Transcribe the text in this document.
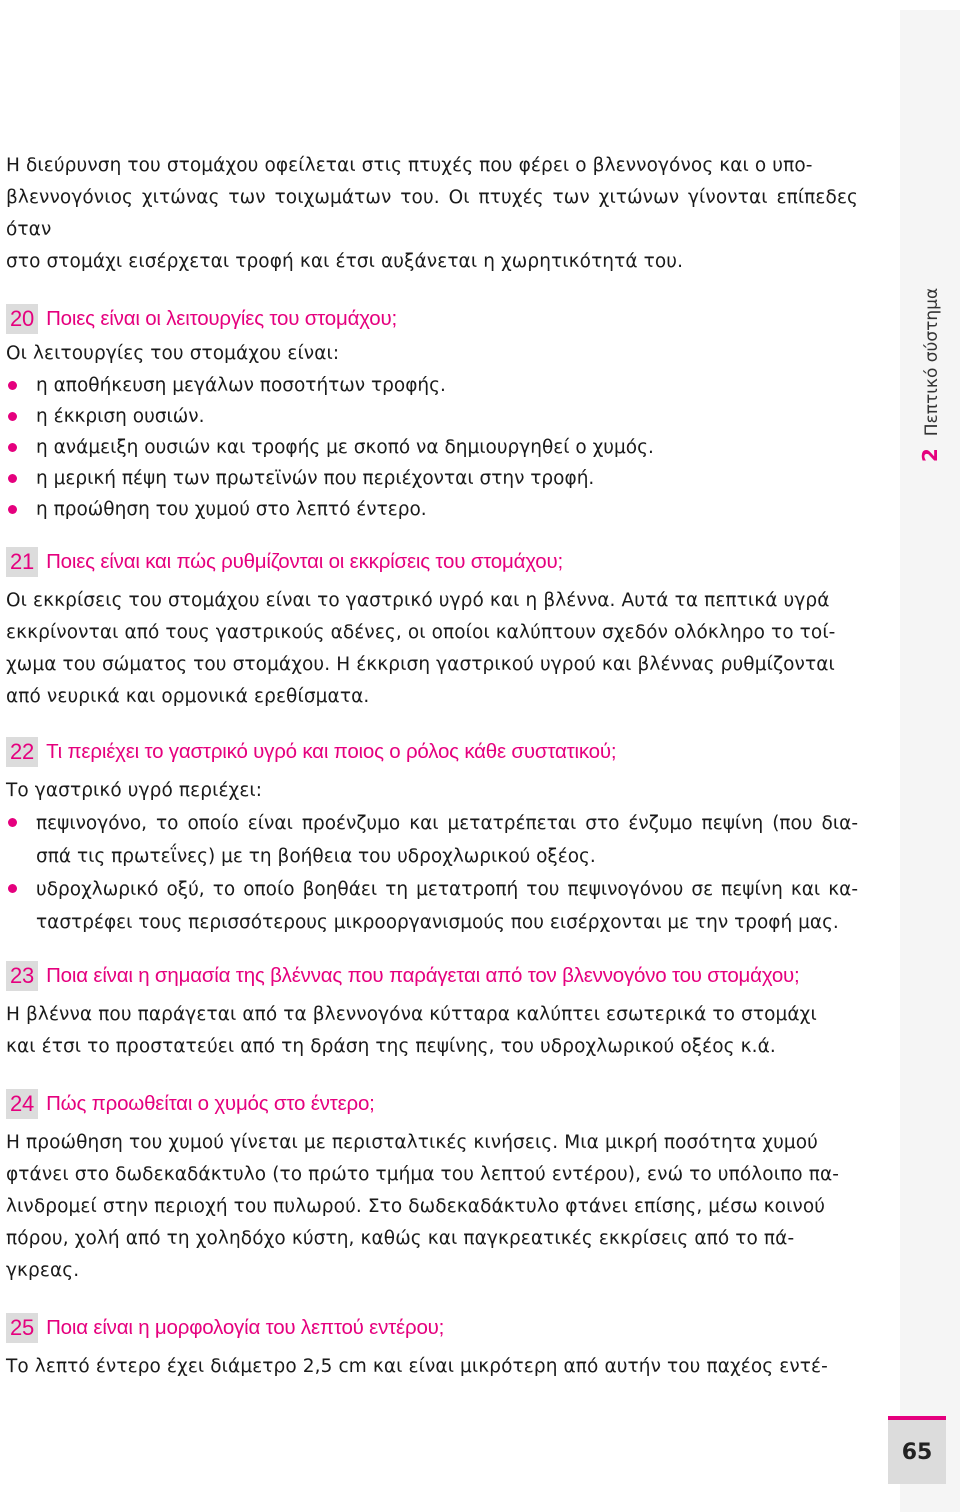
2Πεπτικό σύστημα

Η διεύρυνση του στομάχου οφείλεται στις πτυχές που φέρει ο βλεννογόνος και ο υπο-
βλεννογόνιος χιτώνας των τοιχωμάτων του. Οι πτυχές των χιτώνων γίνονται επίπεδες όταν
στο στομάχι εισέρχεται τροφή και έτσι αυξάνεται η χωρητικότητά του.

20 Ποιες είναι οι λειτουργίες του στομάχου;

Οι λειτουργίες του στομάχου είναι:

η αποθήκευση μεγάλων ποσοτήτων τροφής.
η έκκριση ουσιών.
η ανάμειξη ουσιών και τροφής με σκοπό να δημιουργηθεί ο χυμός.
η μερική πέψη των πρωτεϊνών που περιέχονται στην τροφή.
η προώθηση του χυμού στο λεπτό έντερο.
21 Ποιες είναι και πώς ρυθμίζονται οι εκκρίσεις του στομάχου;

Οι εκκρίσεις του στομάχου είναι το γαστρικό υγρό και η βλέννα. Αυτά τα πεπτικά υγρά
εκκρίνονται από τους γαστρικούς αδένες, οι οποίοι καλύπτουν σχεδόν ολόκληρο το τοί-
χωμα του σώματος του στομάχου. Η έκκριση γαστρικού υγρού και βλέννας ρυθμίζονται
από νευρικά και ορμονικά ερεθίσματα.

22 Τι περιέχει το γαστρικό υγρό και ποιος ο ρόλος κάθε συστατικού;

Το γαστρικό υγρό περιέχει:

πεψινογόνο, το οποίο είναι προένζυμο και μετατρέπεται στο ένζυμο πεψίνη (που δια-σπά τις πρωτεΐνες) με τη βοήθεια του υδροχλωρικού οξέος.
υδροχλωρικό οξύ, το οποίο βοηθάει τη μετατροπή του πεψινογόνου σε πεψίνη και κα-ταστρέφει τους περισσότερους μικροοργανισμούς που εισέρχονται με την τροφή μας.
23 Ποια είναι η σημασία της βλέννας που παράγεται από τον βλεννογόνο του στομάχου;

Η βλέννα που παράγεται από τα βλεννογόνα κύτταρα καλύπτει εσωτερικά το στομάχι
και έτσι το προστατεύει από τη δράση της πεψίνης, του υδροχλωρικού οξέος κ.ά.

24 Πώς προωθείται ο χυμός στο έντερο;

Η προώθηση του χυμού γίνεται με περισταλτικές κινήσεις. Μια μικρή ποσότητα χυμού
φτάνει στο δωδεκαδάκτυλο (το πρώτο τμήμα του λεπτού εντέρου), ενώ το υπόλοιπο πα-
λινδρομεί στην περιοχή του πυλωρού. Στο δωδεκαδάκτυλο φτάνει επίσης, μέσω κοινού
πόρου, χολή από τη χοληδόχο κύστη, καθώς και παγκρεατικές εκκρίσεις από το πά-
γκρεας.

25 Ποια είναι η μορφολογία του λεπτού εντέρου;

Το λεπτό έντερο έχει διάμετρο 2,5 cm και είναι μικρότερη από αυτήν του παχέος εντέ-

65
